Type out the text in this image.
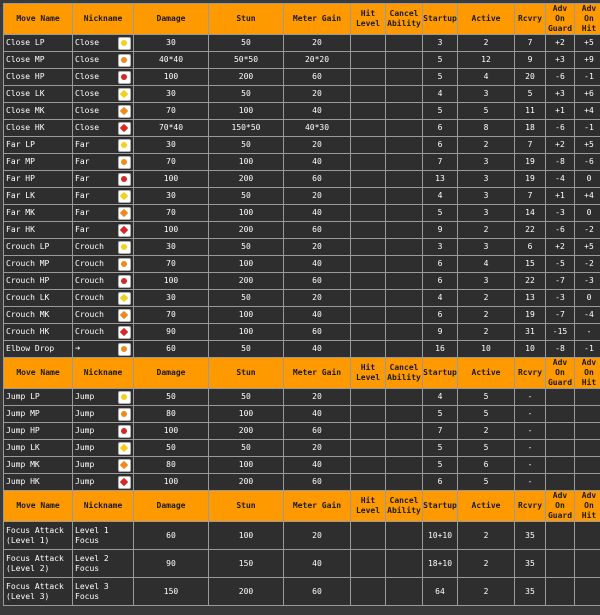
Move Name	Nickname	Damage	Stun	Meter Gain	Hit Level	Cancel Ability	Startup	Active	Rcvry	Adv On Guard	Adv On Hit
Close LP	Close	30	50	20			3	2	7	+2	+5
Close MP	Close	40*40	50*50	20*20			5	12	9	+3	+9
Close HP	Close	100	200	60			5	4	20	-6	-1
Close LK	Close	30	50	20			4	3	5	+3	+6
Close MK	Close	70	100	40			5	5	11	+1	+4
Close HK	Close	70*40	150*50	40*30			6	8	18	-6	-1
Far LP	Far	30	50	20			6	2	7	+2	+5
Far MP	Far	70	100	40			7	3	19	-8	-6
Far HP	Far	100	200	60			13	3	19	-4	0
Far LK	Far	30	50	20			4	3	7	+1	+4
Far MK	Far	70	100	40			5	3	14	-3	0
Far HK	Far	100	200	60			9	2	22	-6	-2
Crouch LP	Crouch	30	50	20			3	3	6	+2	+5
Crouch MP	Crouch	70	100	40			6	4	15	-5	-2
Crouch HP	Crouch	100	200	60			6	3	22	-7	-3
Crouch LK	Crouch	30	50	20			4	2	13	-3	0
Crouch MK	Crouch	70	100	40			6	2	19	-7	-4
Crouch HK	Crouch	90	100	60			9	2	31	-15	-
Elbow Drop	➔	60	50	40			16	10	10	-8	-1
Move Name	Nickname	Damage	Stun	Meter Gain	Hit Level	Cancel Ability	Startup	Active	Rcvry	Adv On Guard	Adv On Hit
Jump LP	Jump	50	50	20			4	5	-		
Jump MP	Jump	80	100	40			5	5	-		
Jump HP	Jump	100	200	60			7	2	-		
Jump LK	Jump	50	50	20			5	5	-		
Jump MK	Jump	80	100	40			5	6	-		
Jump HK	Jump	100	200	60			6	5	-		
Move Name	Nickname	Damage	Stun	Meter Gain	Hit Level	Cancel Ability	Startup	Active	Rcvry	Adv On Guard	Adv On Hit
Focus Attack (Level 1)	Level 1 Focus	60	100	20			10+10	2	35		
Focus Attack (Level 2)	Level 2 Focus	90	150	40			18+10	2	35		
Focus Attack (Level 3)	Level 3 Focus	150	200	60			64	2	35		
